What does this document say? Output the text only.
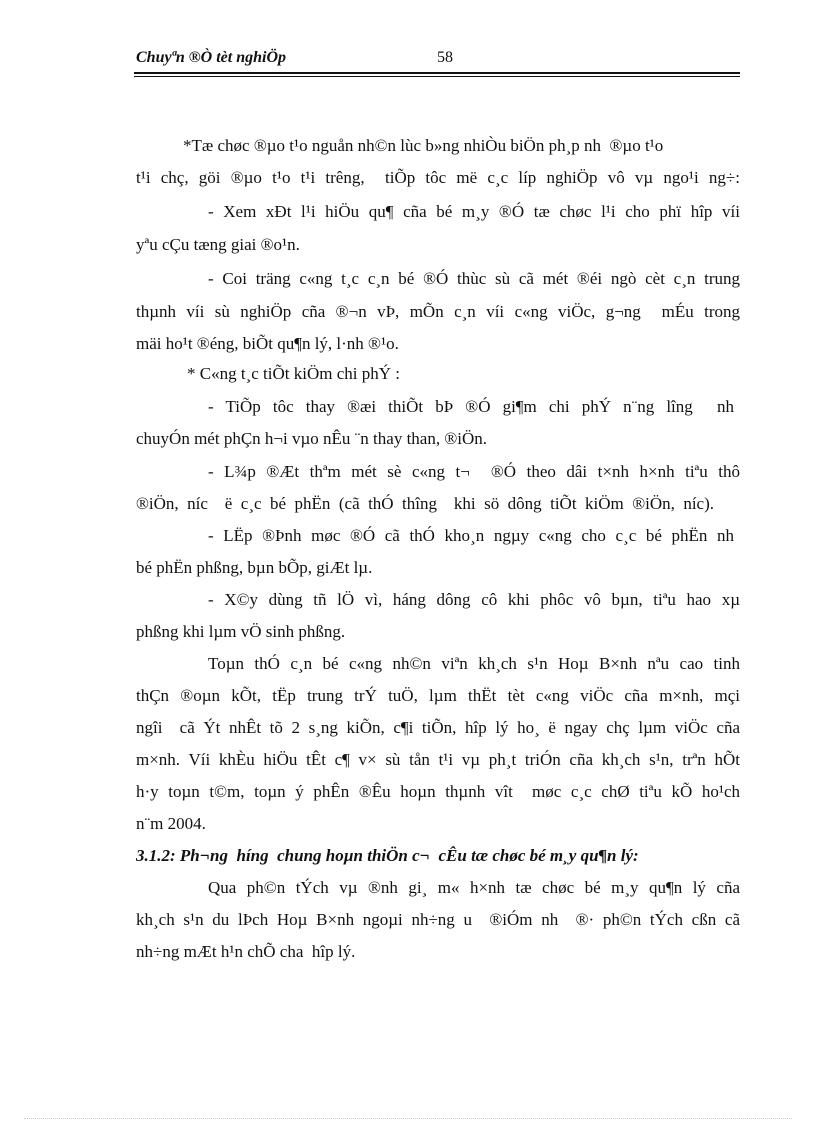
Chuyªn ®Ò tèt nghiÖp	58
*Tæ chøc ®µo t¹o nguån nh©n lùc b»ng nhiÒu biÖn ph¸p nh  ®µo t¹o
t¹i chç, göi ®µo t¹o t¹i trêng,  tiÕp tôc më c¸c líp nghiÖp vô vµ ngo¹i ng÷:
- Xem xÐt l¹i hiÖu qu¶ cña bé m¸y ®Ó tæ chøc l¹i cho phï hîp víi
yªu cÇu tæng giai ®o¹n.
- Coi träng c«ng t¸c c¸n bé ®Ó thùc sù cã mét ®éi ngò cèt c¸n trung
thµnh víi sù nghiÖp cña ®¬n vÞ, mÕn c¸n víi c«ng viÖc, g¬ng  mÉu trong
mäi ho¹t ®éng, biÕt qu¶n lý, l·nh ®¹o.
* C«ng t¸c tiÕt kiÖm chi phÝ :
- TiÕp tôc thay ®æi thiÕt bÞ ®Ó gi¶m chi phÝ n¨ng lîng  nh
chuyÓn mét phÇn h¬i vµo nÊu ¨n thay than, ®iÖn.
- L¾p ®Æt thªm mét sè c«ng t¬  ®Ó theo dâi t×nh h×nh tiªu thô
®iÖn, níc  ë c¸c bé phËn (cã thÓ thîng  khi sö dông tiÕt kiÖm ®iÖn, níc).
- LËp ®Þnh møc ®Ó cã thÓ kho¸n ngµy c«ng cho c¸c bé phËn nh
bé phËn phßng, bµn bÕp, giÆt lµ.
- X©y dùng tñ lÖ vì, háng dông cô khi phôc vô bµn, tiªu hao xµ
phßng khi lµm vÖ sinh phßng.
Toµn thÓ c¸n bé c«ng nh©n viªn kh¸ch s¹n Hoµ B×nh nªu cao tinh
thÇn ®oµn kÕt, tËp trung trÝ tuÖ, lµm thËt tèt c«ng viÖc cña m×nh, mçi
ngîi  cã Ýt nhÊt tõ 2 s¸ng kiÕn, c¶i tiÕn, hîp lý ho¸ ë ngay chç lµm viÖc cña
m×nh. Víi khÈu hiÖu tÊt c¶ v× sù tån t¹i vµ ph¸t triÓn cña kh¸ch s¹n, trªn hÕt
h·y toµn t©m, toµn ý phÊn ®Êu hoµn thµnh vît  møc c¸c chØ tiªu kÕ ho¹ch
n¨m 2004.
3.1.2: Ph¬ng  híng  chung hoµn thiÖn c¬  cÊu tæ chøc bé m¸y qu¶n lý:
Qua ph©n tÝch vµ ®nh gi¸ m« h×nh tæ chøc bé m¸y qu¶n lý cña
kh¸ch s¹n du lÞch Hoµ B×nh ngoµi nh÷ng u  ®iÓm nh  ®· ph©n tÝch cßn cã
nh÷ng mÆt h¹n chÕ cha  hîp lý.
